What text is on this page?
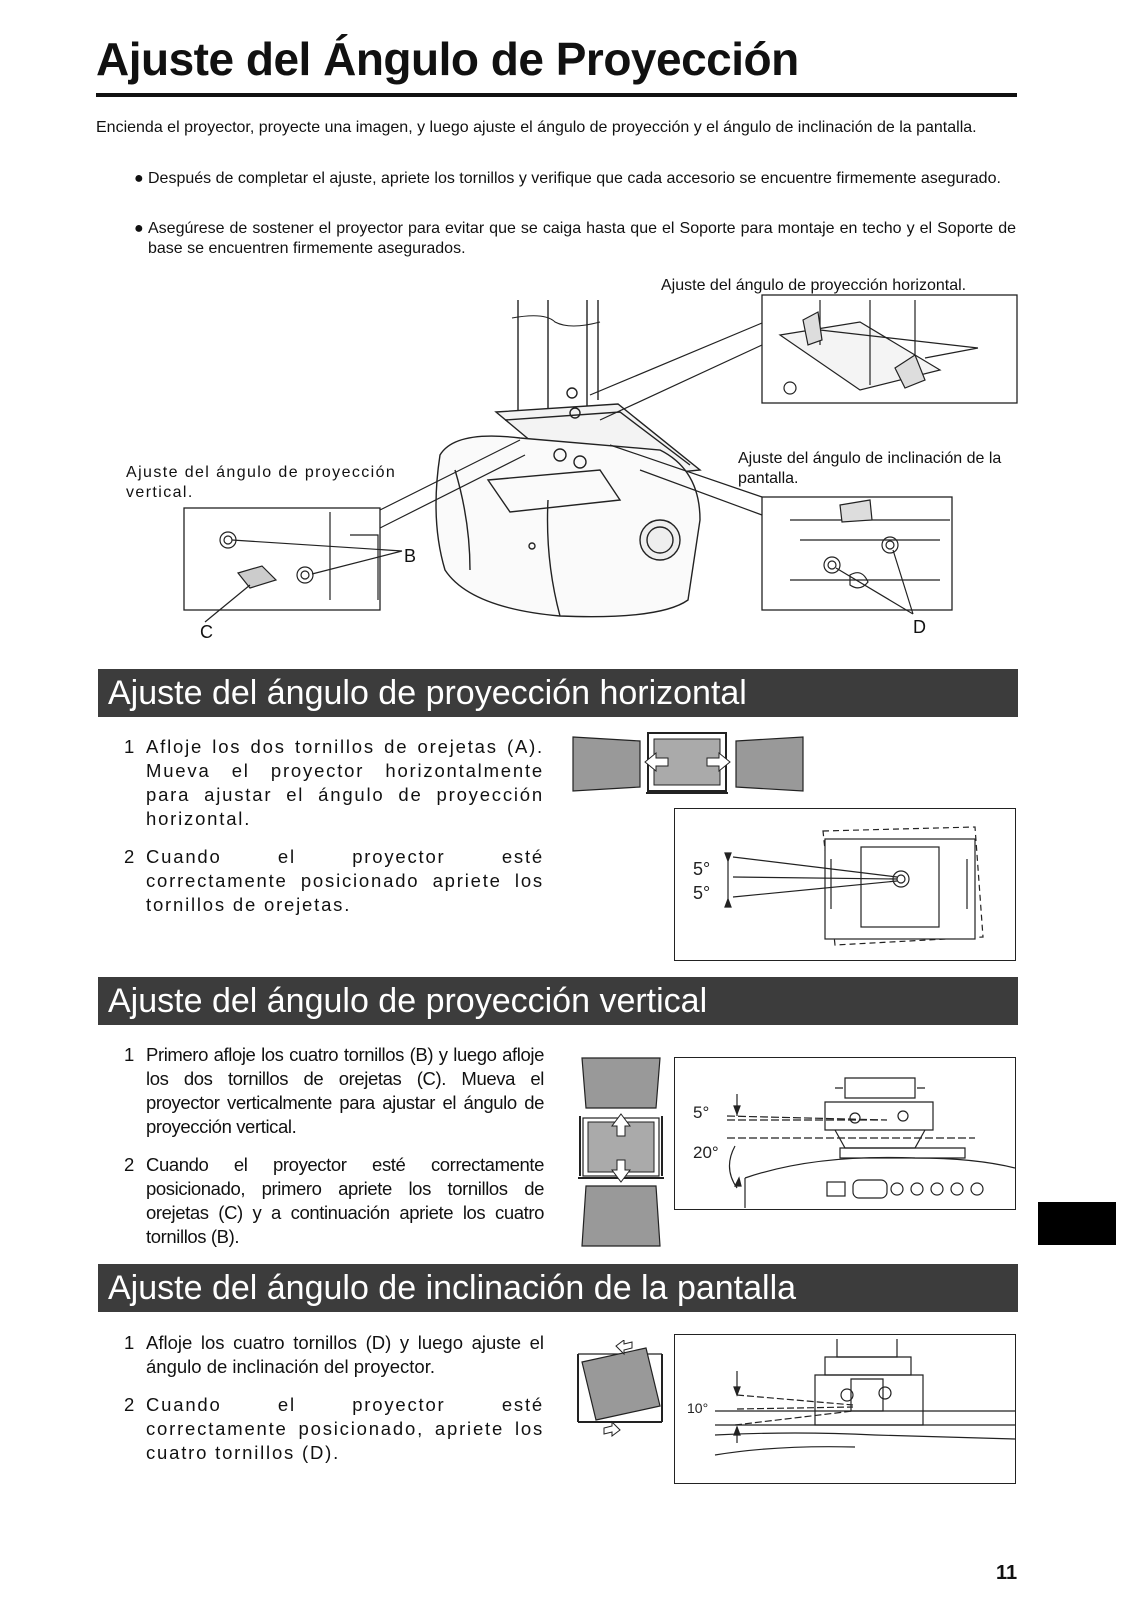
Ajuste del Ángulo de Proyección
Encienda el proyector, proyecte una imagen, y luego ajuste el ángulo de proyección y el ángulo de inclinación de la pantalla.
● Después de completar el ajuste, apriete los tornillos y verifique que cada accesorio se encuentre firmemente asegurado.
● Asegúrese de sostener el proyector para evitar que se caiga hasta que el Soporte para montaje en techo y el Soporte de base se encuentren firmemente asegurados.
Ajuste del ángulo de proyección horizontal.
Ajuste del ángulo de proyección vertical.
Ajuste del ángulo de inclinación de la pantalla.
B
C	D
Ajuste del ángulo de proyección horizontal
1 Afloje los dos tornillos de orejetas (A). Mueva el proyector horizontalmente para ajustar el ángulo de proyección horizontal.
2 Cuando el proyector esté correctamente posicionado apriete los tornillos de orejetas.
5°
5°
Ajuste del ángulo de proyección vertical
1 Primero afloje los cuatro tornillos (B) y luego afloje los dos tornillos de orejetas (C). Mueva el proyector verticalmente para ajustar el ángulo de proyección vertical.
2 Cuando el proyector esté correctamente posicionado, primero apriete los tornillos de orejetas (C) y a continuación apriete los cuatro tornillos (B).
5°
20°
Ajuste del ángulo de inclinación de la pantalla
1 Afloje los cuatro tornillos (D) y luego ajuste el ángulo de inclinación del proyector.
2 Cuando el proyector esté correctamente posicionado, apriete los cuatro tornillos (D).
10°
11
